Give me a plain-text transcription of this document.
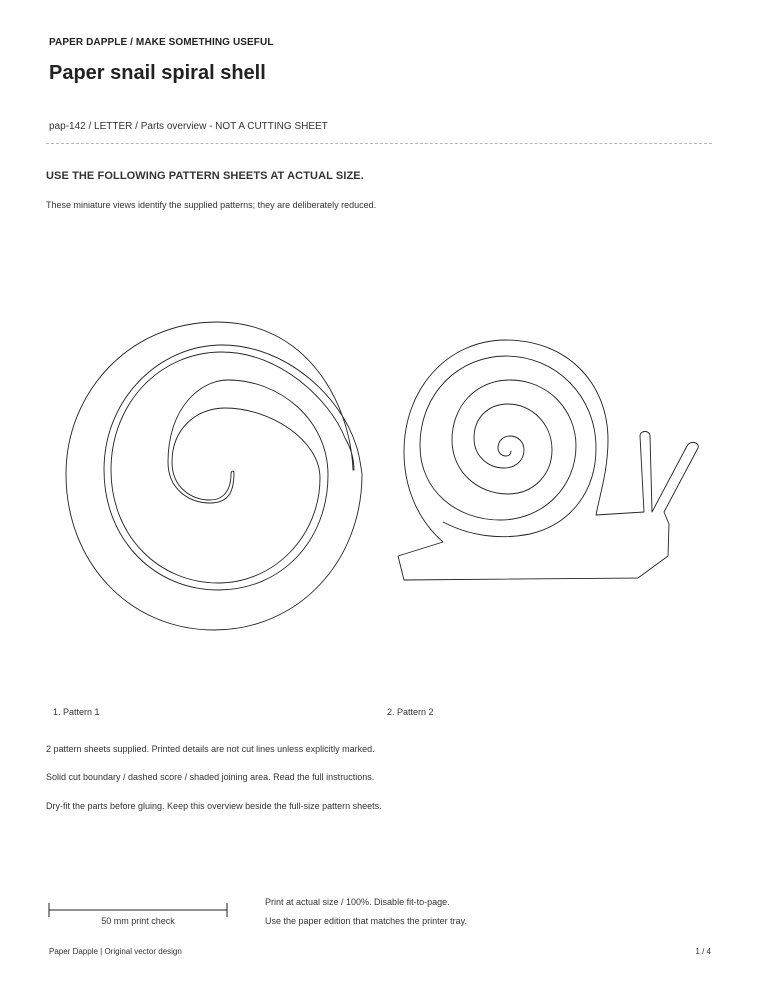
PAPER DAPPLE / MAKE SOMETHING USEFUL
Paper snail spiral shell
pap-142 / LETTER / Parts overview - NOT A CUTTING SHEET
USE THE FOLLOWING PATTERN SHEETS AT ACTUAL SIZE.
These miniature views identify the supplied patterns; they are deliberately reduced.
1. Pattern 1	2. Pattern 2
2 pattern sheets supplied. Printed details are not cut lines unless explicitly marked.
Solid cut boundary / dashed score / shaded joining area. Read the full instructions.
Dry-fit the parts before gluing. Keep this overview beside the full-size pattern sheets.
50 mm print check
Print at actual size / 100%. Disable fit-to-page.
Use the paper edition that matches the printer tray.
Paper Dapple | Original vector design	1 / 4
